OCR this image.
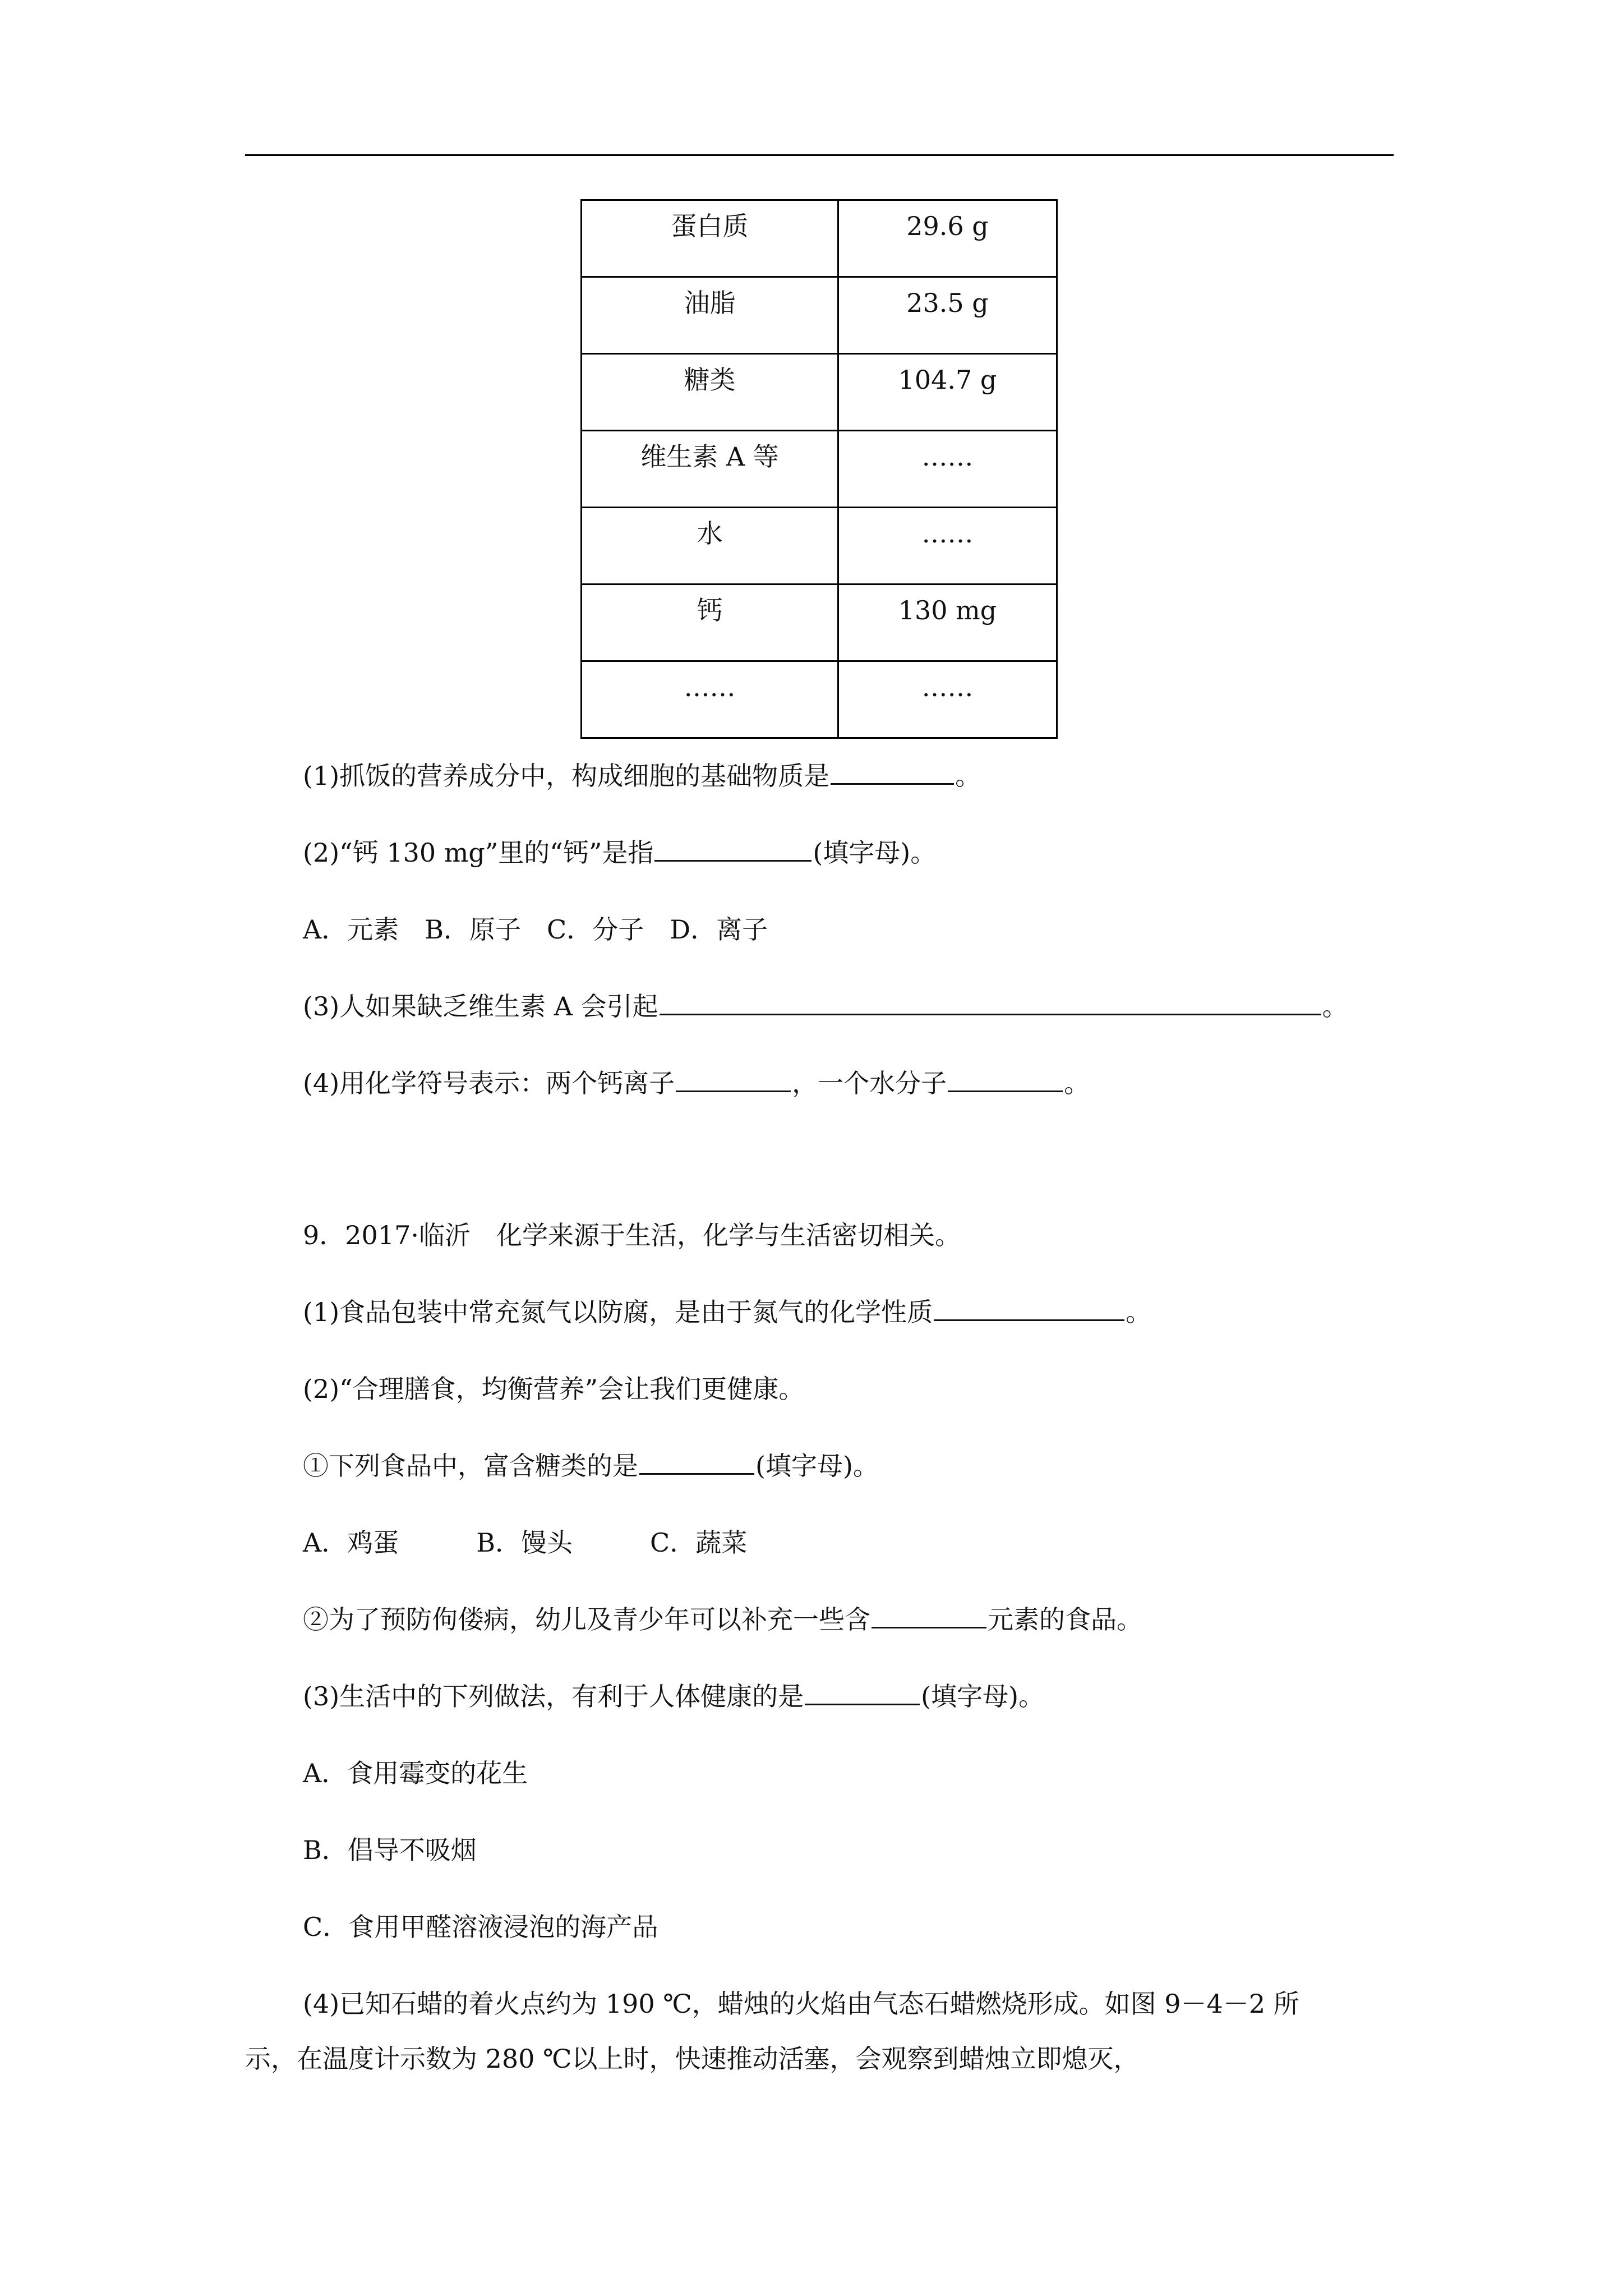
蛋白质	29.6 g
油脂	23.5 g
糖类	104.7 g
维生素 A 等	……
水	……
钙	130 mg
……	……
(1)抓饭的营养成分中，构成细胞的基础物质是	。
(2)“钙 130 mg”里的“钙”是指	(填字母)。
A．元素　B．原子　C．分子　D．离子
(3)人如果缺乏维生素 A 会引起	。
(4)用化学符号表示：两个钙离子	，一个水分子	。
9．2017·临沂　化学来源于生活，化学与生活密切相关。
(1)食品包装中常充氮气以防腐，是由于氮气的化学性质	。
(2)“合理膳食，均衡营养”会让我们更健康。
①下列食品中，富含糖类的是	(填字母)。
A．鸡蛋　　　B．馒头　　　C．蔬菜
②为了预防佝偻病，幼儿及青少年可以补充一些含	元素的食品。
(3)生活中的下列做法，有利于人体健康的是	(填字母)。
A．食用霉变的花生
B．倡导不吸烟
C．食用甲醛溶液浸泡的海产品
(4)已知石蜡的着火点约为 190 ℃，蜡烛的火焰由气态石蜡燃烧形成。如图 9－4－2 所
示，在温度计示数为 280 ℃以上时，快速推动活塞，会观察到蜡烛立即熄灭，
